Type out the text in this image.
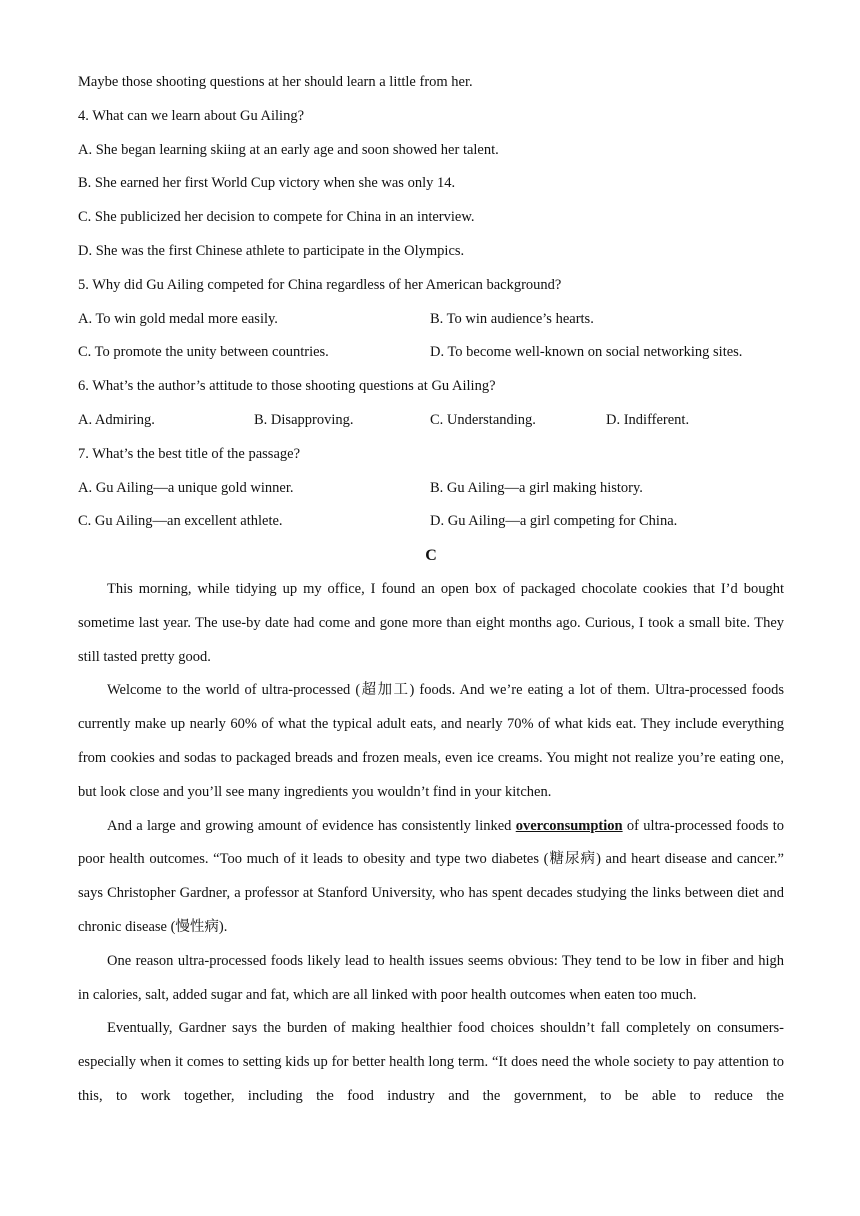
Maybe those shooting questions at her should learn a little from her.
4. What can we learn about Gu Ailing?
A. She began learning skiing at an early age and soon showed her talent.
B. She earned her first World Cup victory when she was only 14.
C. She publicized her decision to compete for China in an interview.
D. She was the first Chinese athlete to participate in the Olympics.
5. Why did Gu Ailing competed for China regardless of her American background?
A. To win gold medal more easily.	B. To win audience’s hearts.
C. To promote the unity between countries.	D. To become well-known on social networking sites.
6. What’s the author’s attitude to those shooting questions at Gu Ailing?
A. Admiring.	B. Disapproving.	C. Understanding.	D. Indifferent.
7. What’s the best title of the passage?
A. Gu Ailing—a unique gold winner.	B. Gu Ailing—a girl making history.
C. Gu Ailing—an excellent athlete.	D. Gu Ailing—a girl competing for China.
C

This morning, while tidying up my office, I found an open box of packaged chocolate cookies that I’d bought sometime last year. The use-by date had come and gone more than eight months ago. Curious, I took a small bite. They still tasted pretty good.

Welcome to the world of ultra-processed (超加工) foods. And we’re eating a lot of them. Ultra-processed foods currently make up nearly 60% of what the typical adult eats, and nearly 70% of what kids eat. They include everything from cookies and sodas to packaged breads and frozen meals, even ice creams. You might not realize you’re eating one, but look close and you’ll see many ingredients you wouldn’t find in your kitchen.

And a large and growing amount of evidence has consistently linked overconsumption of ultra-processed foods to poor health outcomes. “Too much of it leads to obesity and type two diabetes (糖尿病) and heart disease and cancer.” says Christopher Gardner, a professor at Stanford University, who has spent decades studying the links between diet and chronic disease (慢性病).

One reason ultra-processed foods likely lead to health issues seems obvious: They tend to be low in fiber and high in calories, salt, added sugar and fat, which are all linked with poor health outcomes when eaten too much.

Eventually, Gardner says the burden of making healthier food choices shouldn’t fall completely on consumers-especially when it comes to setting kids up for better health long term. “It does need the whole society to pay attention to this, to work together, including the food industry and the government, to be able to reduce the
